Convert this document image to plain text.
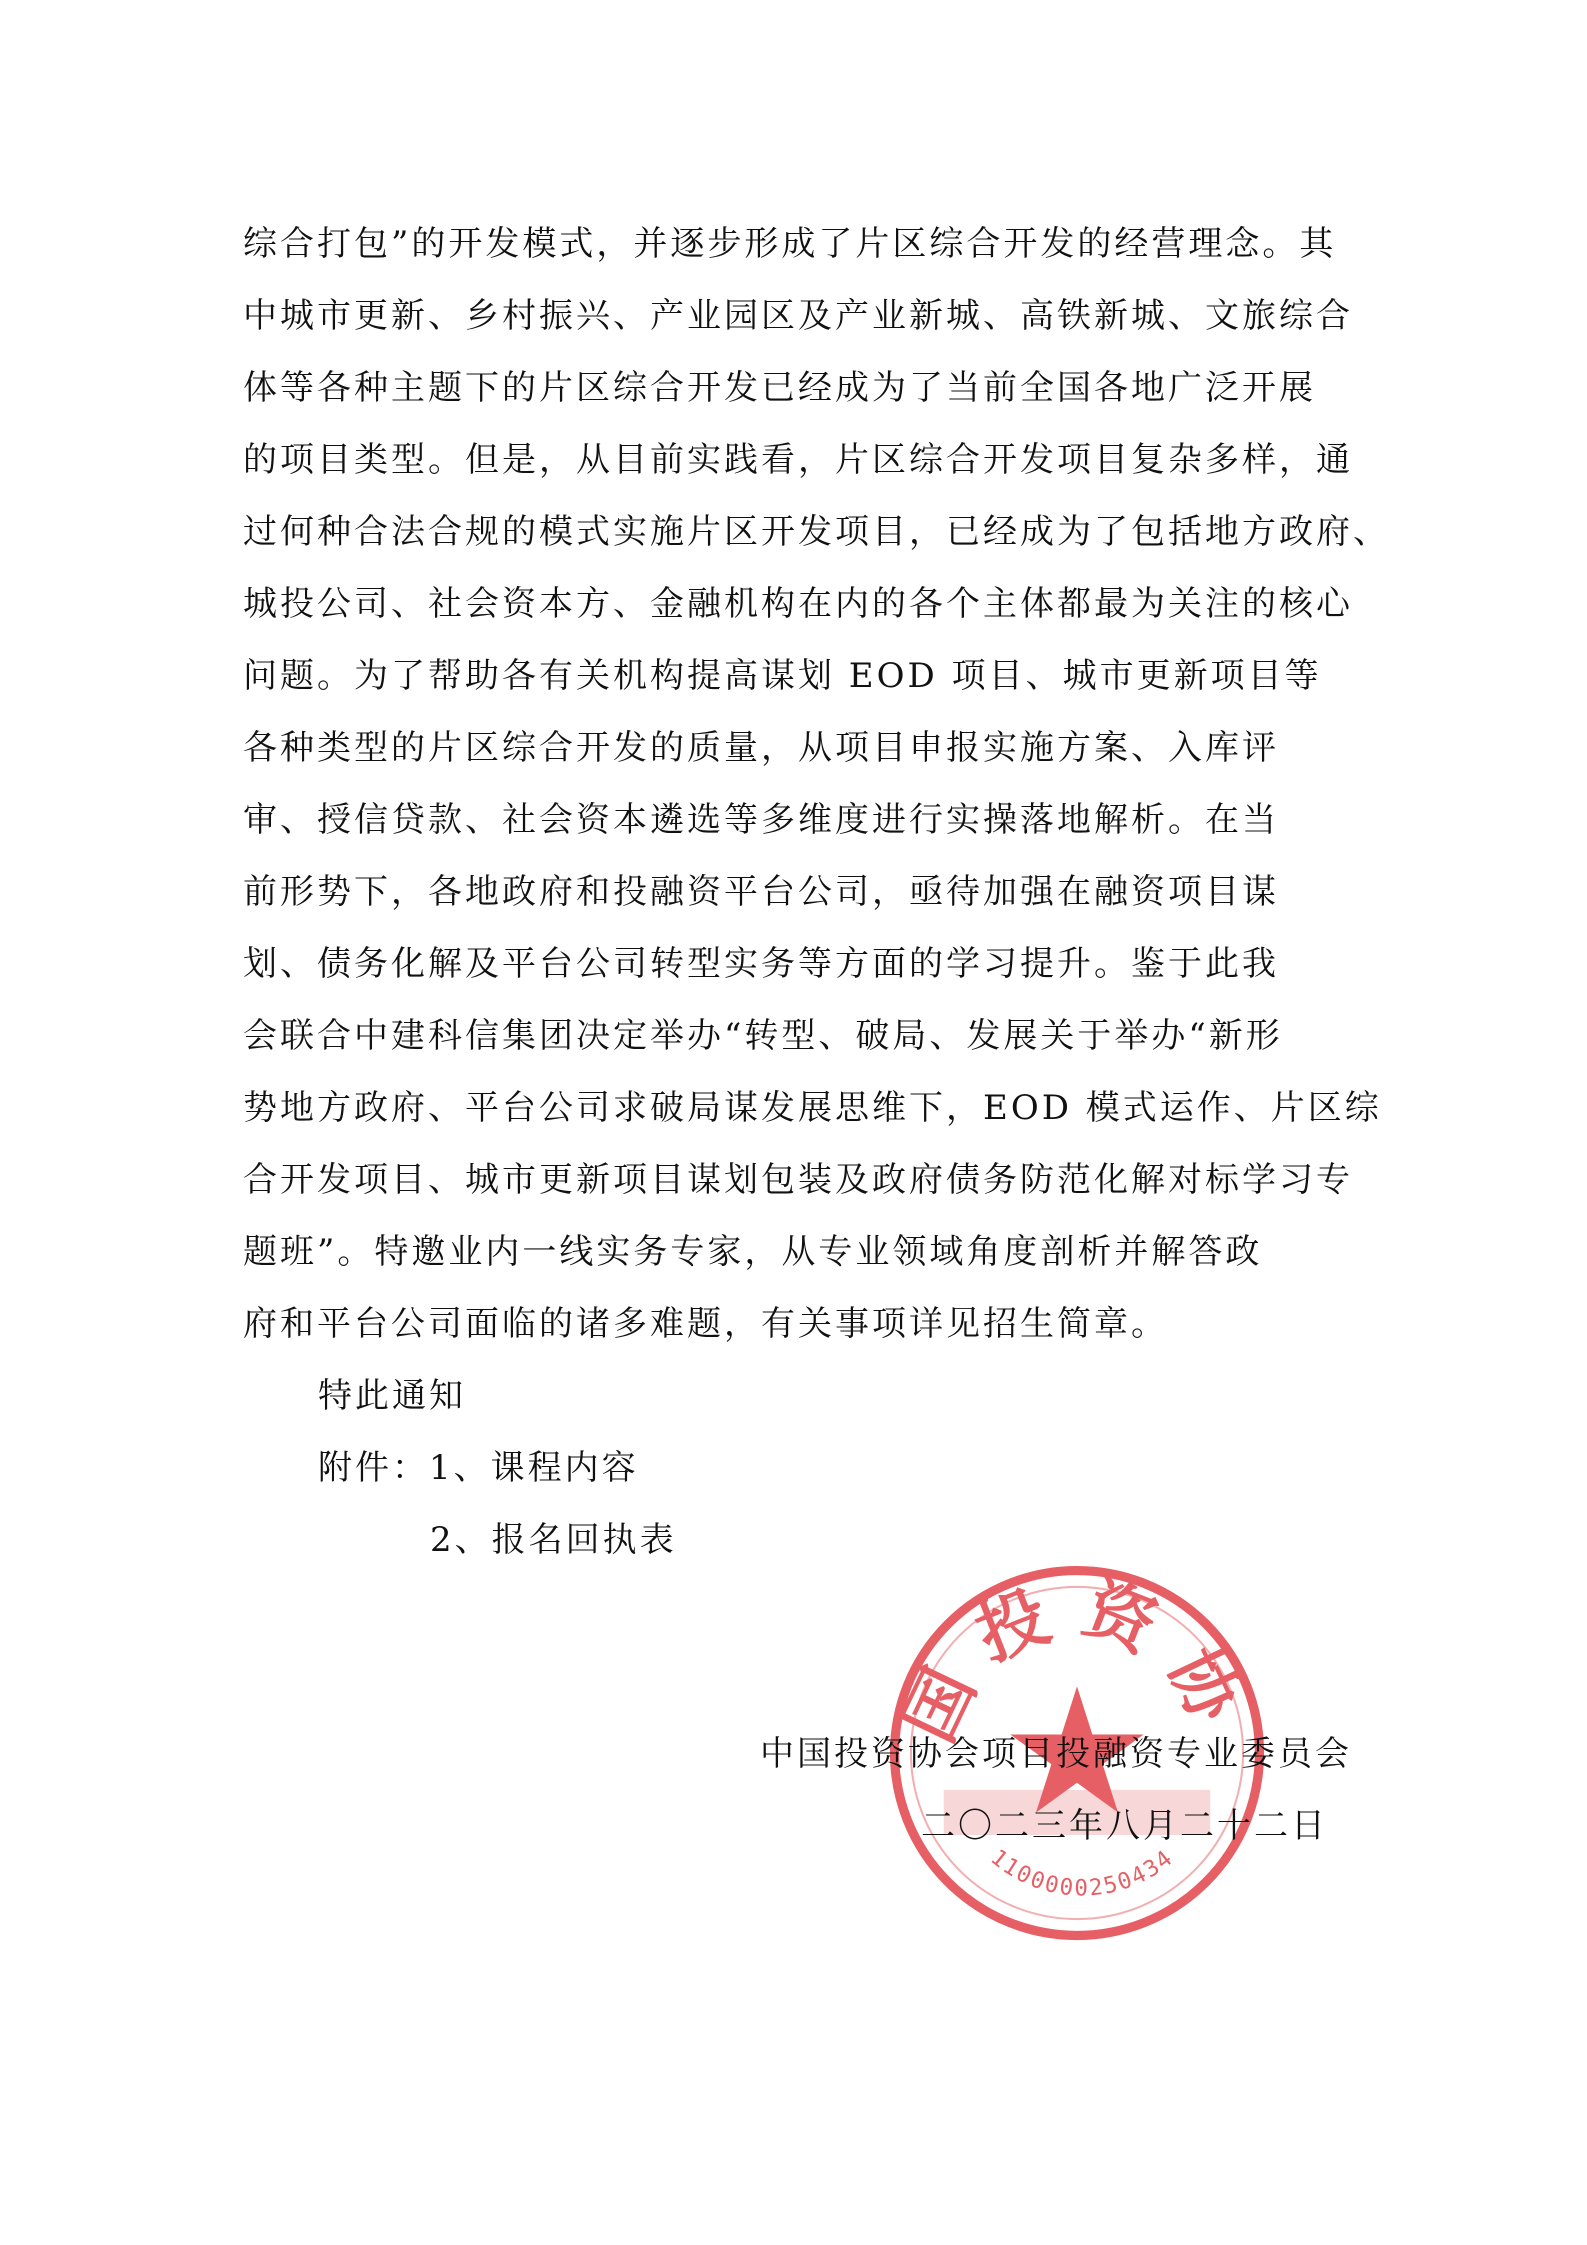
综合打包”的开发模式，并逐步形成了片区综合开发的经营理念。其
中城市更新、乡村振兴、产业园区及产业新城、高铁新城、文旅综合
体等各种主题下的片区综合开发已经成为了当前全国各地广泛开展
的项目类型。但是，从目前实践看，片区综合开发项目复杂多样，通
过何种合法合规的模式实施片区开发项目，已经成为了包括地方政府、
城投公司、社会资本方、金融机构在内的各个主体都最为关注的核心
问题。为了帮助各有关机构提高谋划 EOD 项目、城市更新项目等
各种类型的片区综合开发的质量，从项目申报实施方案、入库评
审、授信贷款、社会资本遴选等多维度进行实操落地解析。在当
前形势下，各地政府和投融资平台公司，亟待加强在融资项目谋
划、债务化解及平台公司转型实务等方面的学习提升。鉴于此我
会联合中建科信集团决定举办“转型、破局、发展关于举办“新形
势地方政府、平台公司求破局谋发展思维下，EOD 模式运作、片区综
合开发项目、城市更新项目谋划包装及政府债务防范化解对标学习专
题班”。特邀业内一线实务专家，从专业领域角度剖析并解答政
府和平台公司面临的诸多难题，有关事项详见招生简章。
特此通知
附件：1、课程内容
2、报名回执表
国投资协
1100000250434
中国投资协会项目投融资专业委员会
二〇二三年八月二十二日
